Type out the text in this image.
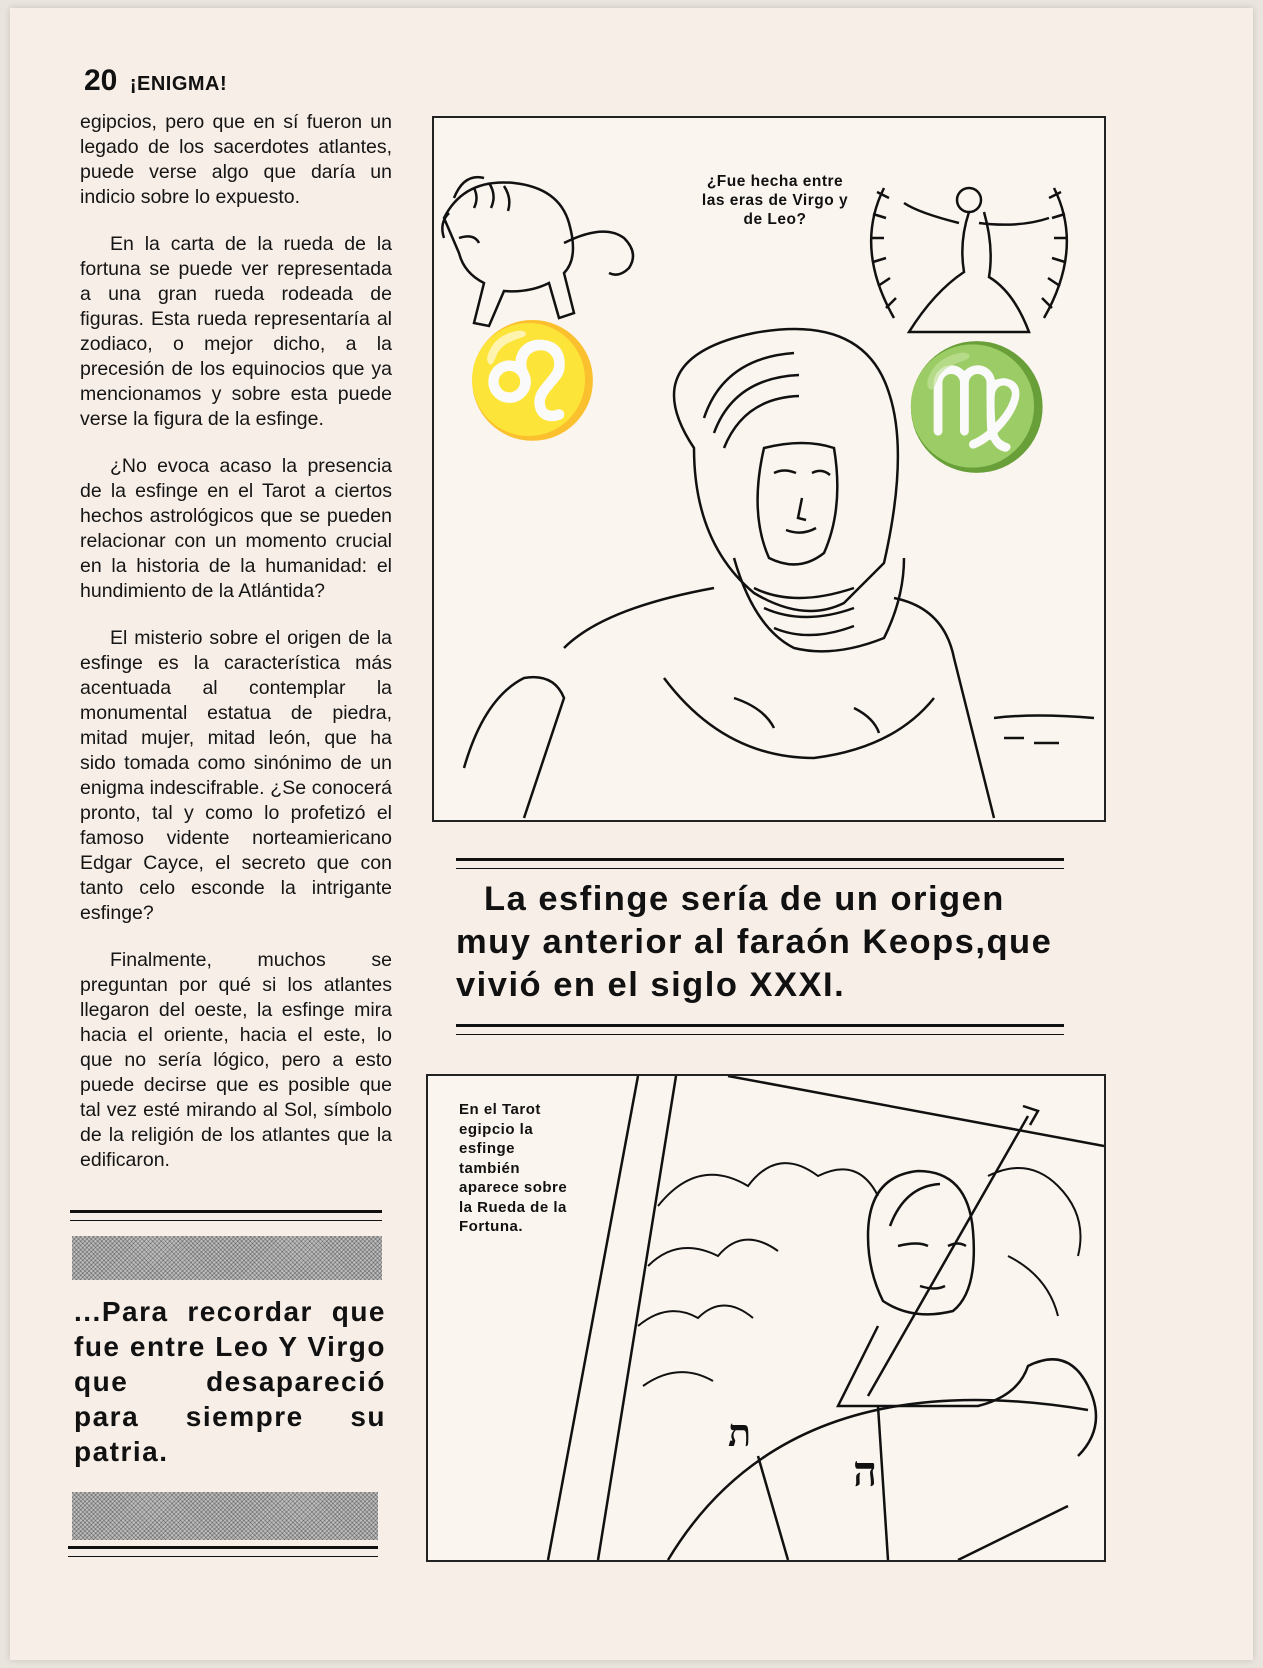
20 ¡ENIGMA!

egipcios, pero que en sí fueron un legado de los sacerdotes atlantes, puede verse algo que daría un indicio sobre lo expuesto.

En la carta de la rueda de la fortuna se puede ver representada a una gran rueda rodeada de figuras. Esta rueda representaría al zodiaco, o mejor dicho, a la precesión de los equinocios que ya mencionamos y sobre esta puede verse la figura de la esfinge.

¿No evoca acaso la presencia de la esfinge en el Tarot a ciertos hechos astrológicos que se pueden relacionar con un momento crucial en la historia de la humanidad: el hundimiento de la Atlántida?

El misterio sobre el origen de la esfinge es la característica más acentuada al contemplar la monumental estatua de piedra, mitad mujer, mitad león, que ha sido tomada como sinónimo de un enigma indescifrable. ¿Se conocerá pronto, tal y como lo profetizó el famoso vidente norteamiericano Edgar Cayce, el secreto que con tanto celo esconde la intrigante esfinge?

Finalmente, muchos se preguntan por qué si los atlantes llegaron del oeste, la esfinge mira hacia el oriente, hacia el este, lo que no sería lógico, pero a esto puede decirse que es posible que tal vez esté mirando al Sol, símbolo de la religión de los atlantes que la edificaron.

...Para recordar que fue entre Leo Y Virgo que desapareció para siempre su patria.
♌	♍
¿Fue hecha entre las eras de Virgo y de Leo?
La esfinge sería de un origen
muy anterior al faraón Keops,que
vivió en el siglo XXXI.
ת
ה
En el Tarot egipcio la esfinge también aparece sobre la Rueda de la Fortuna.
